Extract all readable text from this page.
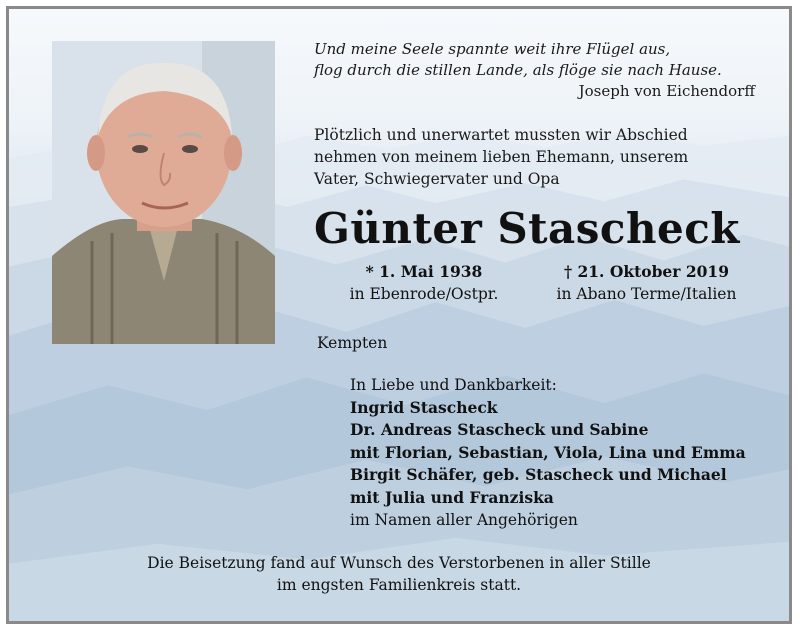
Und meine Seele spannte weit ihre Flügel aus,
flog durch die stillen Lande, als flöge sie nach Hause.
Joseph von Eichendorff
Plötzlich und unerwartet mussten wir Abschied
nehmen von meinem lieben Ehemann, unserem
Vater, Schwiegervater und Opa
Günter Stascheck
* 1. Mai 1938
in Ebenrode/Ostpr.
† 21. Oktober 2019
in Abano Terme/Italien
Kempten
In Liebe und Dankbarkeit:
Ingrid Stascheck
Dr. Andreas Stascheck und Sabine
mit Florian, Sebastian, Viola, Lina und Emma
Birgit Schäfer, geb. Stascheck und Michael
mit Julia und Franziska
im Namen aller Angehörigen
Die Beisetzung fand auf Wunsch des Verstorbenen in aller Stille
im engsten Familienkreis statt.
